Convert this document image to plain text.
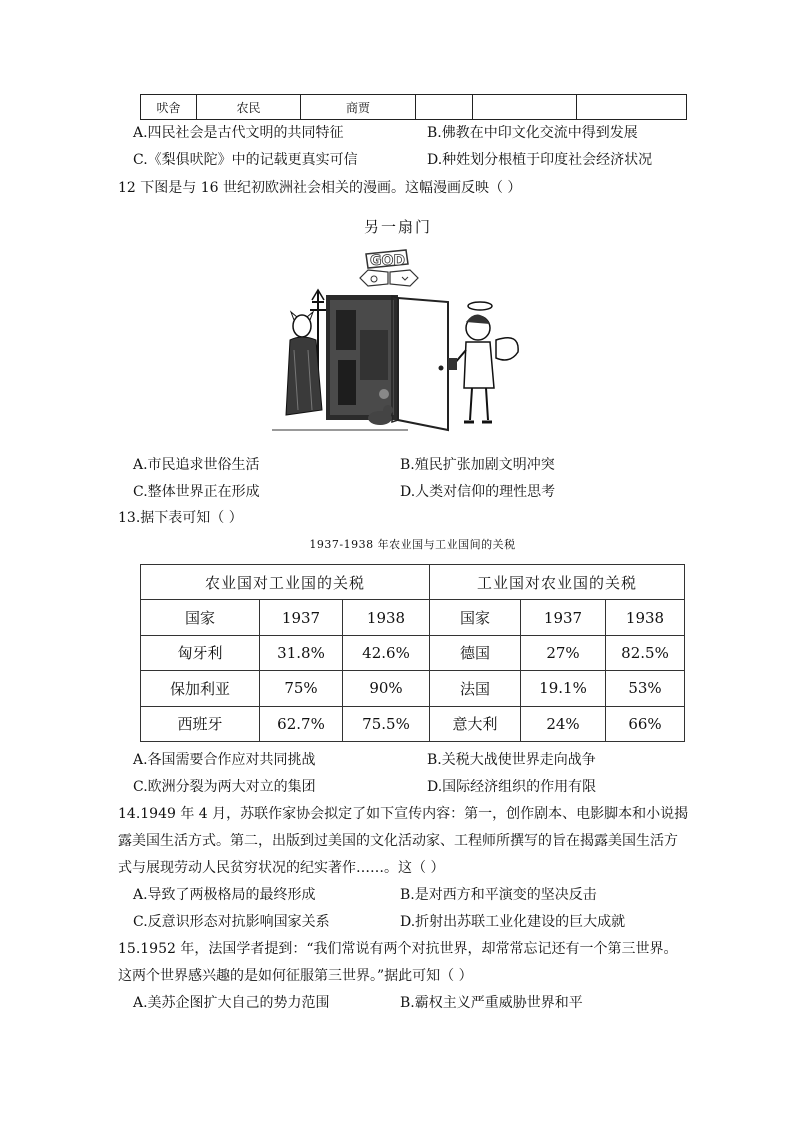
吠舍	农民	商贾			
A.四民社会是古代文明的共同特征	B.佛教在中印文化交流中得到发展
C.《梨俱吠陀》中的记载更真实可信	D.种姓划分根植于印度社会经济状况
12 下图是与 16 世纪初欧洲社会相关的漫画。这幅漫画反映（ ）
另一扇门
GOD
A.市民追求世俗生活	B.殖民扩张加剧文明冲突
C.整体世界正在形成	D.人类对信仰的理性思考
13.据下表可知（ ）
1937-1938 年农业国与工业国间的关税
农业国对工业国的关税			工业国对农业国的关税		
国家	1937	1938	国家	1937	1938
匈牙利	31.8%	42.6%	德国	27%	82.5%
保加利亚	75%	90%	法国	19.1%	53%
西班牙	62.7%	75.5%	意大利	24%	66%
A.各国需要合作应对共同挑战	B.关税大战使世界走向战争
C.欧洲分裂为两大对立的集团	D.国际经济组织的作用有限
14.1949 年 4 月，苏联作家协会拟定了如下宣传内容：第一，创作剧本、电影脚本和小说揭
露美国生活方式。第二，出版到过美国的文化活动家、工程师所撰写的旨在揭露美国生活方
式与展现劳动人民贫穷状况的纪实著作……。这（ ）
A.导致了两极格局的最终形成	B.是对西方和平演变的坚决反击
C.反意识形态对抗影响国家关系	D.折射出苏联工业化建设的巨大成就
15.1952 年，法国学者提到：“我们常说有两个对抗世界，却常常忘记还有一个第三世界。
这两个世界感兴趣的是如何征服第三世界。”据此可知（ ）
A.美苏企图扩大自己的势力范围	B.霸权主义严重威胁世界和平
